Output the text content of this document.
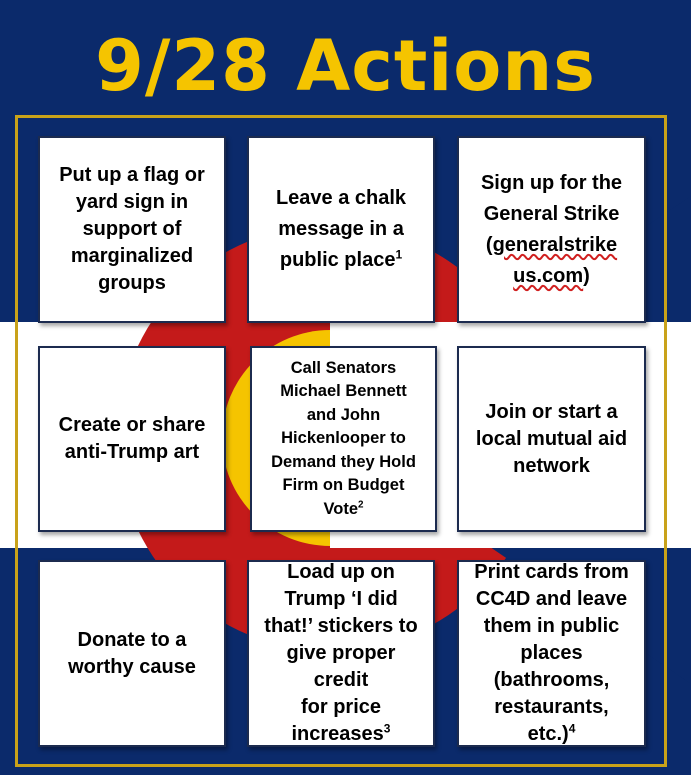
9/28 Actions
Put up a flag or
yard sign in
support of
marginalized
groups
Leave a chalk
message in a
public place$^1$
Sign up for the
General Strike
(generalstrike
us.com)
Create or share
anti-Trump art
Call Senators
Michael Bennett
and John
Hickenlooper to
Demand they Hold
Firm on Budget
Vote$^2$
Join or start a
local mutual aid
network
Donate to a
worthy cause
Load up on
Trump ‘I did
that!’ stickers to
give proper credit
for price
increases$^3$
Print cards from
CC4D and leave
them in public
places
(bathrooms,
restaurants, etc.)$^4$
